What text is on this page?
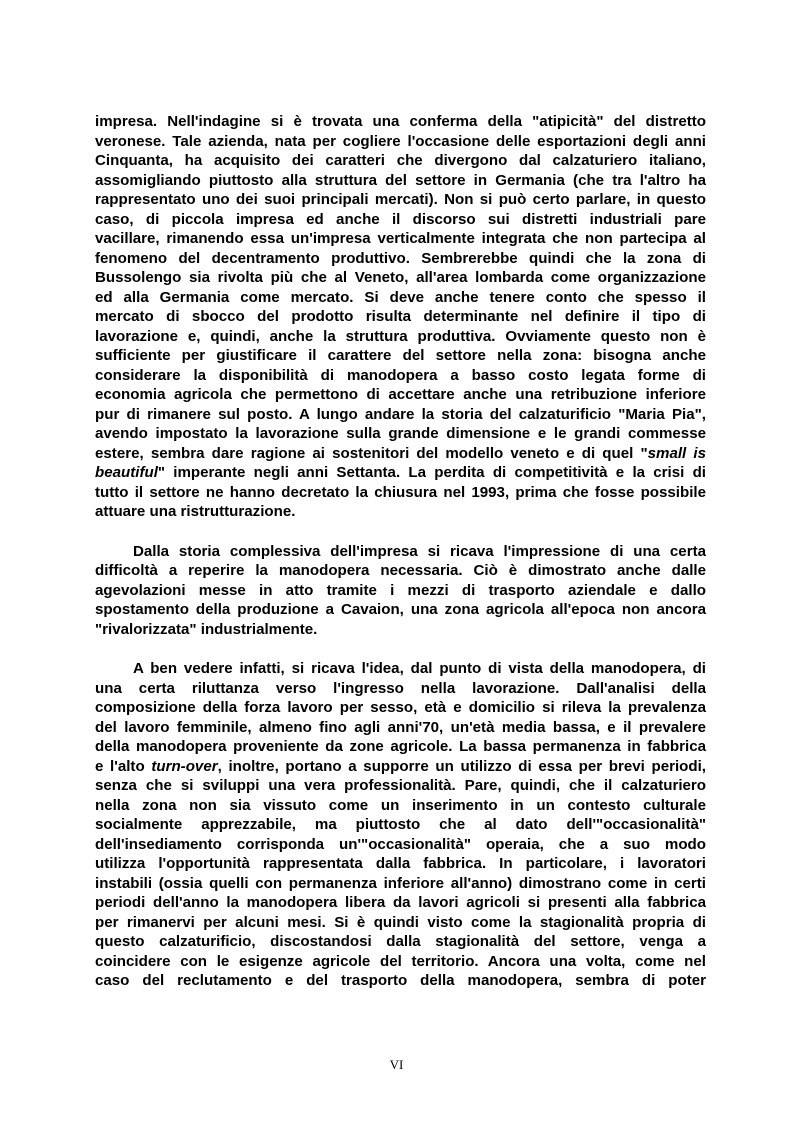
impresa. Nell'indagine si è trovata una conferma della "atipicità" del distretto
veronese. Tale azienda, nata per cogliere l'occasione delle esportazioni degli anni
Cinquanta, ha acquisito dei caratteri che divergono dal calzaturiero italiano,
assomigliando piuttosto alla struttura del settore in Germania (che tra l'altro ha
rappresentato uno dei suoi principali mercati). Non si può certo parlare, in questo
caso, di piccola impresa ed anche il discorso sui distretti industriali pare
vacillare, rimanendo essa un'impresa verticalmente integrata che non partecipa al
fenomeno del decentramento produttivo. Sembrerebbe quindi che la zona di
Bussolengo sia rivolta più che al Veneto, all'area lombarda come organizzazione
ed alla Germania come mercato. Si deve anche tenere conto che spesso il
mercato di sbocco del prodotto risulta determinante nel definire il tipo di
lavorazione e, quindi, anche la struttura produttiva. Ovviamente questo non è
sufficiente per giustificare il carattere del settore nella zona: bisogna anche
considerare la disponibilità di manodopera a basso costo legata forme di
economia agricola che permettono di accettare anche una retribuzione inferiore
pur di rimanere sul posto. A lungo andare la storia del calzaturificio "Maria Pia",
avendo impostato la lavorazione sulla grande dimensione e le grandi commesse
estere, sembra dare ragione ai sostenitori del modello veneto e di quel "small is
beautiful" imperante negli anni Settanta. La perdita di competitività e la crisi di
tutto il settore ne hanno decretato la chiusura nel 1993, prima che fosse possibile
attuare una ristrutturazione.

Dalla storia complessiva dell'impresa si ricava l'impressione di una certa
difficoltà a reperire la manodopera necessaria. Ciò è dimostrato anche dalle
agevolazioni messe in atto tramite i mezzi di trasporto aziendale e dallo
spostamento della produzione a Cavaion, una zona agricola all'epoca non ancora
"rivalorizzata" industrialmente.

A ben vedere infatti, si ricava l'idea, dal punto di vista della manodopera, di
una certa riluttanza verso l'ingresso nella lavorazione. Dall'analisi della
composizione della forza lavoro per sesso, età e domicilio si rileva la prevalenza
del lavoro femminile, almeno fino agli anni'70, un'età media bassa, e il prevalere
della manodopera proveniente da zone agricole. La bassa permanenza in fabbrica
e l'alto turn-over, inoltre, portano a supporre un utilizzo di essa per brevi periodi,
senza che si sviluppi una vera professionalità. Pare, quindi, che il calzaturiero
nella zona non sia vissuto come un inserimento in un contesto culturale
socialmente apprezzabile, ma piuttosto che al dato dell'"occasionalità"
dell'insediamento corrisponda un'"occasionalità" operaia, che a suo modo
utilizza l'opportunità rappresentata dalla fabbrica. In particolare, i lavoratori
instabili (ossia quelli con permanenza inferiore all'anno) dimostrano come in certi
periodi dell'anno la manodopera libera da lavori agricoli si presenti alla fabbrica
per rimanervi per alcuni mesi. Si è quindi visto come la stagionalità propria di
questo calzaturificio, discostandosi dalla stagionalità del settore, venga a
coincidere con le esigenze agricole del territorio. Ancora una volta, come nel
caso del reclutamento e del trasporto della manodopera, sembra di poter

VI
